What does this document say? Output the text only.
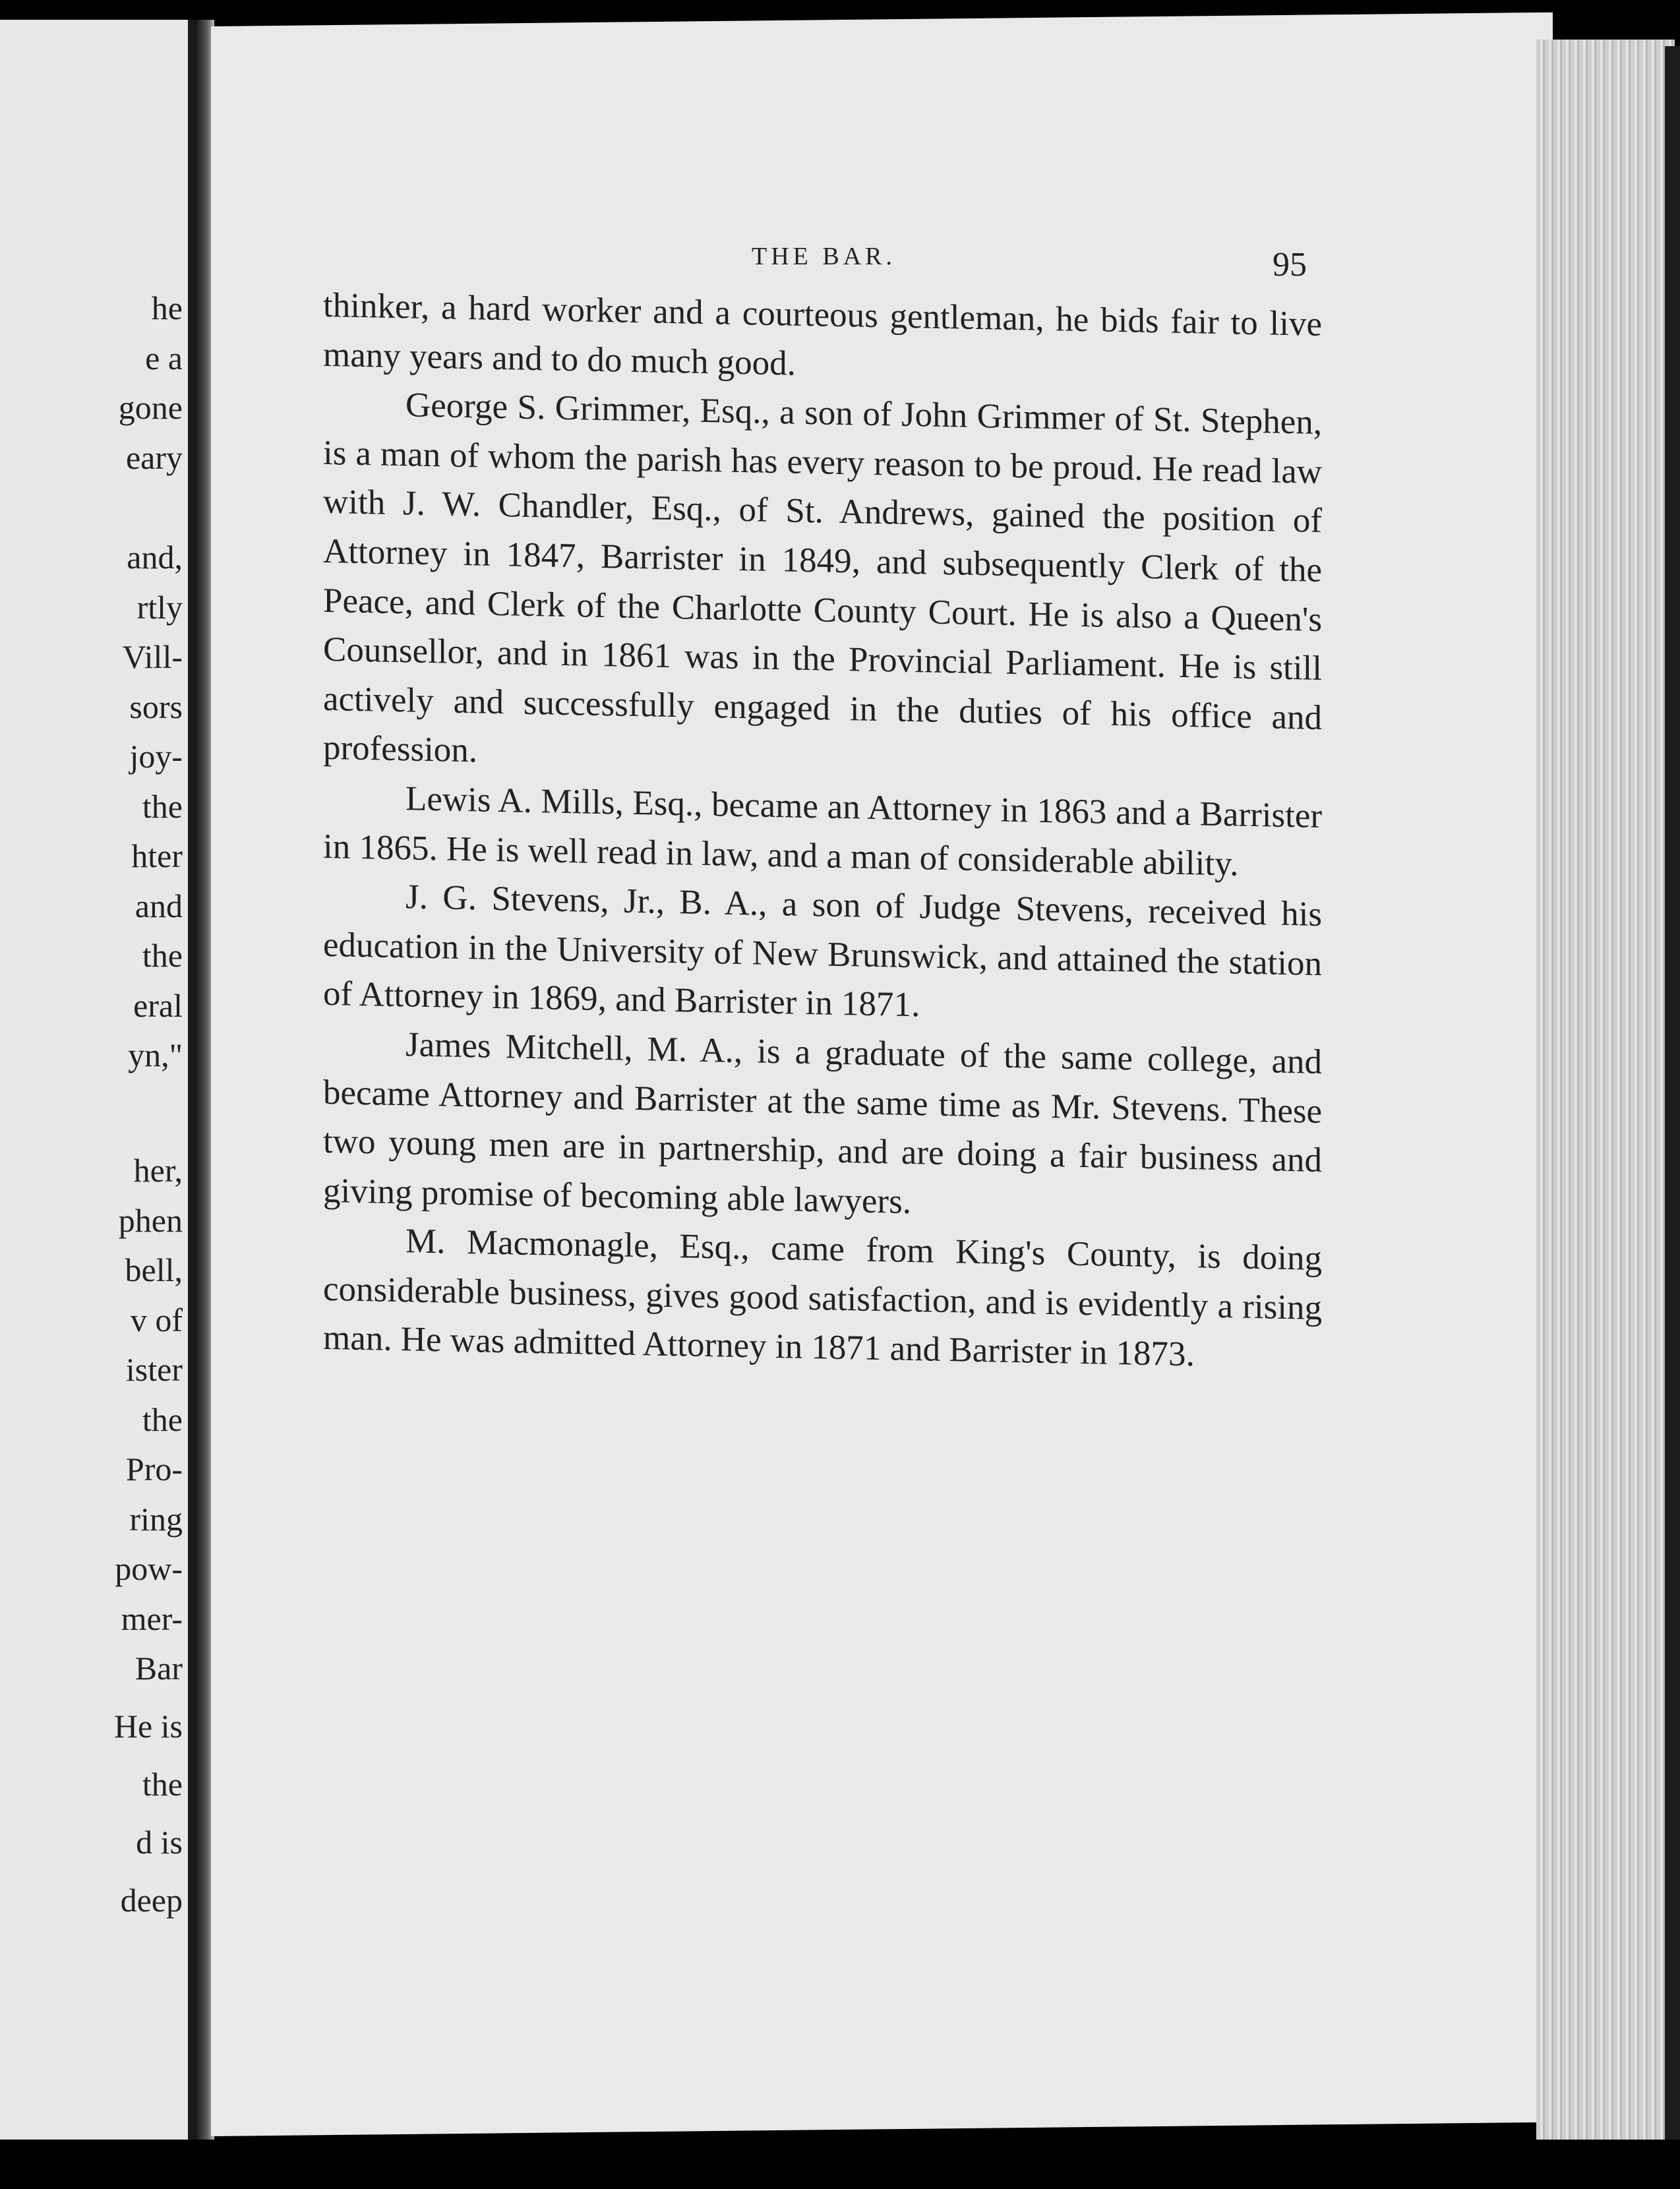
he
e a
gone
eary
and,
rtly
Vill-
sors
joy-
the
hter
and
the
eral
yn,"
her,
phen
bell,
v of
ister
the
Pro-
ring
pow-
mer-
Bar
He is
the
d is
deep
THE BAR.	95

thinker, a hard worker and a courteous gentleman, he bids fair to live many years and to do much good.

George S. Grimmer, Esq., a son of John Grimmer of St. Stephen, is a man of whom the parish has every reason to be proud. He read law with J. W. Chandler, Esq., of St. Andrews, gained the position of Attorney in 1847, Barrister in 1849, and subsequently Clerk of the Peace, and Clerk of the Charlotte County Court. He is also a Queen's Counsellor, and in 1861 was in the Provincial Parliament. He is still actively and successfully engaged in the duties of his office and profession.

Lewis A. Mills, Esq., became an Attorney in 1863 and a Barrister in 1865. He is well read in law, and a man of considerable ability.

J. G. Stevens, Jr., B. A., a son of Judge Stevens, received his education in the University of New Brunswick, and attained the station of Attorney in 1869, and Barrister in 1871.

James Mitchell, M. A., is a graduate of the same college, and became Attorney and Barrister at the same time as Mr. Stevens. These two young men are in partnership, and are doing a fair business and giving promise of becoming able lawyers.

M. Macmonagle, Esq., came from King's County, is doing considerable business, gives good satisfaction, and is evidently a rising man. He was admitted Attorney in 1871 and Barrister in 1873.
